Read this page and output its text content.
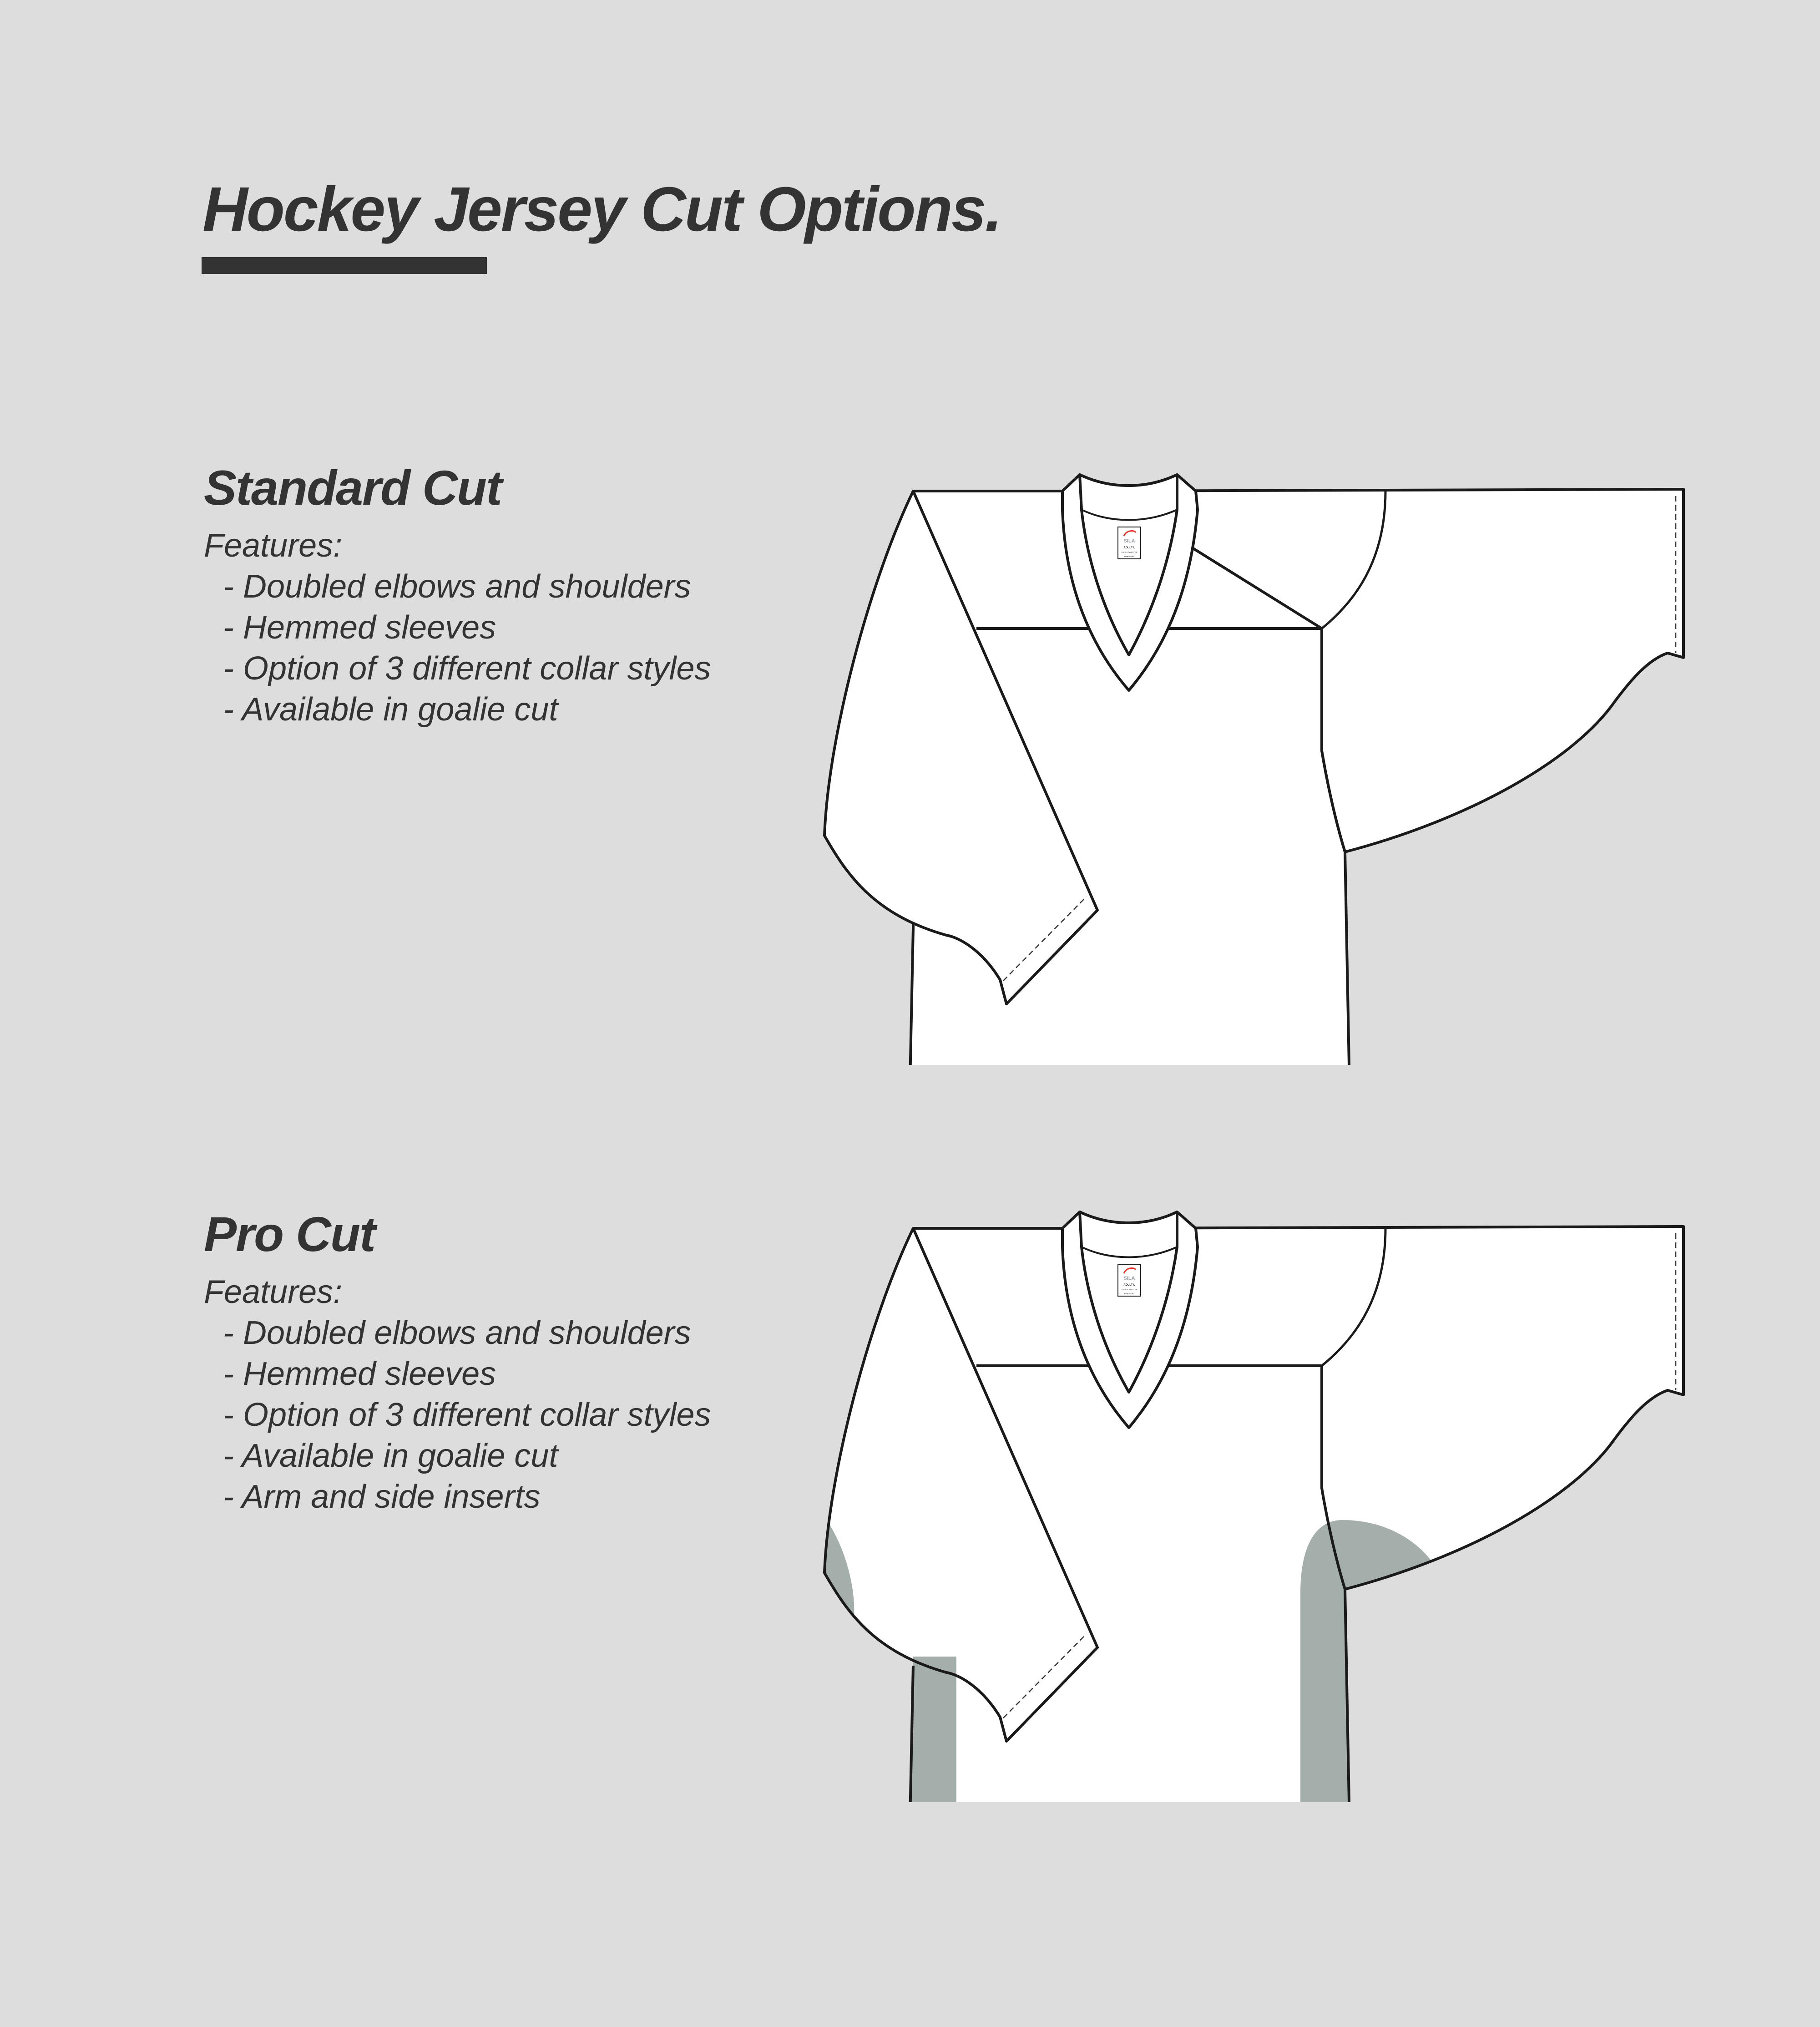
Hockey Jersey Cut Options.
Standard Cut

Features:

- Doubled elbows and shoulders
- Hemmed sleeves
- Option of 3 different collar styles
- Available in goalie cut
SILA
ADULT L
100% POLYESTER
Made in China
Pro Cut

Features:

- Doubled elbows and shoulders
- Hemmed sleeves
- Option of 3 different collar styles
- Available in goalie cut
- Arm and side inserts
SILA
ADULT L
100% POLYESTER
Made in China
